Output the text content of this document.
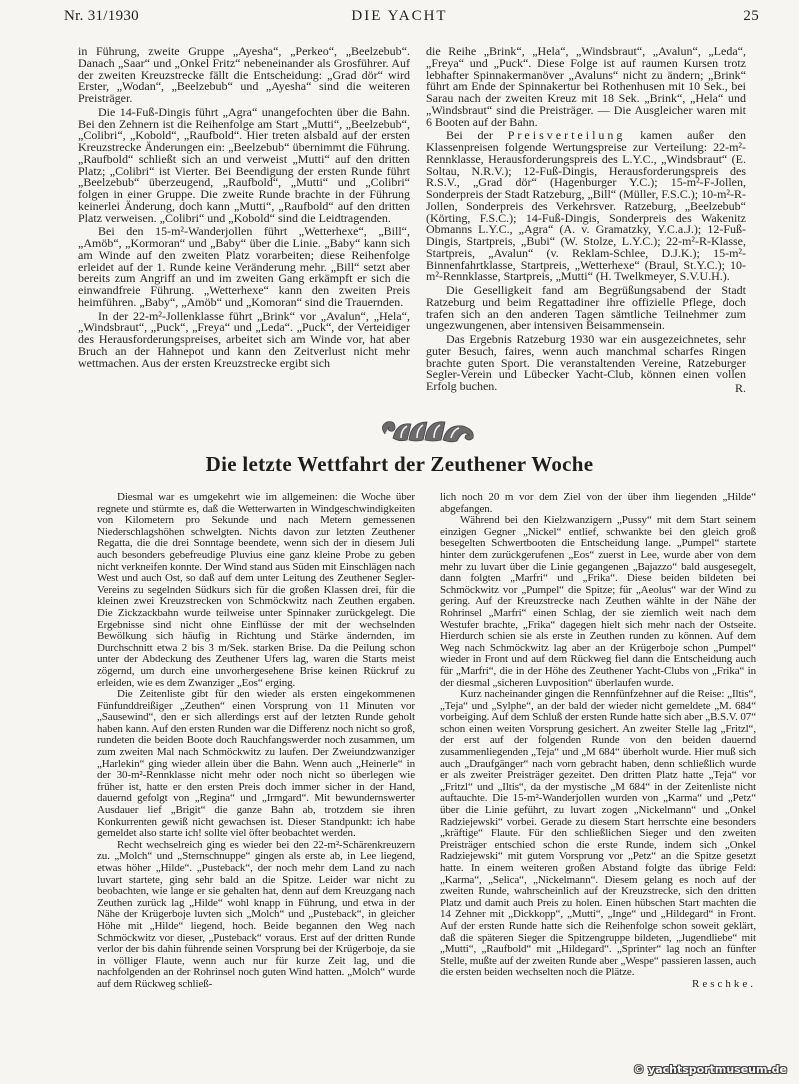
Nr. 31/1930	DIE YACHT	25

in Führung, zweite Gruppe „Ayesha“, „Perkeo“, „Beelzebub“. Danach „Saar“ und „Onkel Fritz“ nebeneinander als Grosführer. Auf der zweiten Kreuzstrecke fällt die Entscheidung: „Grad dör“ wird Erster, „Wodan“, „Beelzebub“ und „Ayesha“ sind die weiteren Preisträger.

Die 14-Fuß-Dingis führt „Agra“ unangefochten über die Bahn. Bei den Zehnern ist die Reihenfolge am Start „Mutti“, „Beelzebub“, „Colibri“, „Kobold“, „Raufbold“. Hier treten alsbald auf der ersten Kreuzstrecke Änderungen ein: „Beelzebub“ übernimmt die Führung. „Raufbold“ schließt sich an und verweist „Mutti“ auf den dritten Platz; „Colibri“ ist Vierter. Bei Beendigung der ersten Runde führt „Beelzebub“ überzeugend, „Raufbold“, „Mutti“ und „Colibri“ folgen in einer Gruppe. Die zweite Runde brachte in der Führung keinerlei Änderung, doch kann „Mutti“, „Raufbold“ auf den dritten Platz verweisen. „Colibri“ und „Kobold“ sind die Leidtragenden.

Bei den 15-m²-Wanderjollen führt „Wetterhexe“, „Bill“, „Amöb“, „Kormoran“ und „Baby“ über die Linie. „Baby“ kann sich am Winde auf den zweiten Platz vorarbeiten; diese Reihenfolge erleidet auf der 1. Runde keine Veränderung mehr. „Bill“ setzt aber bereits zum Angriff an und im zweiten Gang erkämpft er sich die einwandfreie Führung. „Wetterhexe“ kann den zweiten Preis heimführen. „Baby“, „Amöb“ und „Komoran“ sind die Trauernden.

In der 22-m²-Jollenklasse führt „Brink“ vor „Avalun“, „Hela“, „Windsbraut“, „Puck“, „Freya“ und „Leda“. „Puck“, der Verteidiger des Herausforderungspreises, arbeitet sich am Winde vor, hat aber Bruch an der Hahnepot und kann den Zeitverlust nicht mehr wettmachen. Aus der ersten Kreuzstrecke ergibt sich

die Reihe „Brink“, „Hela“, „Windsbraut“, „Avalun“, „Leda“, „Freya“ und „Puck“. Diese Folge ist auf raumen Kursen trotz lebhafter Spinnakermanöver „Avaluns“ nicht zu ändern; „Brink“ führt am Ende der Spinnakertur bei Rothenhusen mit 10 Sek., bei Sarau nach der zweiten Kreuz mit 18 Sek. „Brink“, „Hela“ und „Windsbraut“ sind die Preisträger. — Die Ausgleicher waren mit 6 Booten auf der Bahn.

Bei der Preisverteilung kamen außer den Klassenpreisen folgende Wertungspreise zur Verteilung: 22-m²-Rennklasse, Herausforderungspreis des L.Y.C., „Windsbraut“ (E. Soltau, N.R.V.); 12-Fuß-Dingis, Herausforderungspreis des R.S.V., „Grad dör“ (Hagenburger Y.C.); 15-m²-F-Jollen, Sonderpreis der Stadt Ratzeburg, „Bill“ (Müller, F.S.C.); 10-m²-R-Jollen, Sonderpreis des Verkehrsver. Ratzeburg, „Beelzebub“ (Körting, F.S.C.); 14-Fuß-Dingis, Sonderpreis des Wakenitz Obmanns L.Y.C., „Agra“ (A. v. Gramatzky, Y.C.a.J.); 12-Fuß-Dingis, Startpreis, „Bubi“ (W. Stolze, L.Y.C.); 22-m²-R-Klasse, Startpreis, „Avalun“ (v. Reklam-Schlee, D.J.K.); 15-m²-Binnenfahrtklasse, Startpreis, „Wetterhexe“ (Braul, St.Y.C.); 10-m²-Rennklasse, Startpreis, „Mutti“ (H. Twelkmeyer, S.V.U.H.).

Die Geselligkeit fand am Begrüßungsabend der Stadt Ratzeburg und beim Regattadiner ihre offizielle Pflege, doch trafen sich an den anderen Tagen sämtliche Teilnehmer zum ungezwungenen, aber intensiven Beisammensein.

Das Ergebnis Ratzeburg 1930 war ein ausgezeichnetes, sehr guter Besuch, faires, wenn auch manchmal scharfes Ringen brachte guten Sport. Die veranstaltenden Vereine, Ratzeburger Segler-Verein und Lübecker Yacht-Club, können einen vollen Erfolg buchen.	R.
Die letzte Wettfahrt der Zeuthener Woche

Diesmal war es umgekehrt wie im allgemeinen: die Woche über regnete und stürmte es, daß die Wetterwarten in Windgeschwindigkeiten von Kilometern pro Sekunde und nach Metern gemessenen Niederschlagshöhen schwelgten. Nichts davon zur letzten Zeuthener Regatta, die die drei Sonntage beendete, wenn sich der in diesem Juli auch besonders gebefreudige Pluvius eine ganz kleine Probe zu geben nicht verkneifen konnte. Der Wind stand aus Süden mit Einschlägen nach West und auch Ost, so daß auf dem unter Leitung des Zeuthener Segler-Vereins zu segelnden Südkurs sich für die großen Klassen drei, für die kleinen zwei Kreuzstrecken von Schmöckwitz nach Zeuthen ergaben. Die Zickzackbahn wurde teilweise unter Spinnaker zurückgelegt. Die Ergebnisse sind nicht ohne Einflüsse der mit der wechselnden Bewölkung sich häufig in Richtung und Stärke ändernden, im Durchschnitt etwa 2 bis 3 m/Sek. starken Brise. Da die Peilung schon unter der Abdeckung des Zeuthener Ufers lag, waren die Starts meist zögernd, um durch eine unvorhergesehene Brise keinen Rückruf zu erleiden, wie es dem Zwanziger „Eos“ erging.

Die Zeitenliste gibt für den wieder als ersten eingekommenen Fünfunddreißiger „Zeuthen“ einen Vorsprung von 11 Minuten vor „Sausewind“, den er sich allerdings erst auf der letzten Runde geholt haben kann. Auf den ersten Runden war die Differenz noch nicht so groß, rundeten die beiden Boote doch Rauchfangswerder noch zusammen, um zum zweiten Mal nach Schmöckwitz zu laufen. Der Zweiundzwanziger „Harlekin“ ging wieder allein über die Bahn. Wenn auch „Heinerle“ in der 30-m²-Rennklasse nicht mehr oder noch nicht so überlegen wie früher ist, hatte er den ersten Preis doch immer sicher in der Hand, dauernd gefolgt von „Regina“ und „Irmgard“. Mit bewundernswerter Ausdauer lief „Brigit“ die ganze Bahn ab, trotzdem sie ihren Konkurrenten gewiß nicht gewachsen ist. Dieser Standpunkt: ich habe gemeldet also starte ich! sollte viel öfter beobachtet werden.

Recht wechselreich ging es wieder bei den 22-m²-Schärenkreuzern zu. „Molch“ und „Sternschnuppe“ gingen als erste ab, in Lee liegend, etwas höher „Hilde“. „Pusteback“, der noch mehr dem Land zu nach luvart startete, ging sehr bald an die Spitze. Leider war nicht zu beobachten, wie lange er sie gehalten hat, denn auf dem Kreuzgang nach Zeuthen zurück lag „Hilde“ wohl knapp in Führung, und etwa in der Nähe der Krügerboje luvten sich „Molch“ und „Pusteback“, in gleicher Höhe mit „Hilde“ liegend, hoch. Beide begannen den Weg nach Schmöckwitz vor dieser, „Pusteback“ voraus. Erst auf der dritten Runde verlor der bis dahin führende seinen Vorsprung bei der Krügerboje, da sie in völliger Flaute, wenn auch nur für kurze Zeit lag, und die nachfolgenden an der Rohrinsel noch guten Wind hatten. „Molch“ wurde auf dem Rückweg schließ-

lich noch 20 m vor dem Ziel von der über ihm liegenden „Hilde“ abgefangen.

Während bei den Kielzwanzigern „Pussy“ mit dem Start seinem einzigen Gegner „Nickel“ entlief, schwankte bei den gleich groß besegelten Schwertbooten die Entscheidung lange. „Pumpel“ startete hinter dem zurückgerufenen „Eos“ zuerst in Lee, wurde aber von dem mehr zu luvart über die Linie gegangenen „Bajazzo“ bald ausgesegelt, dann folgten „Marfri“ und „Frika“. Diese beiden bildeten bei Schmöckwitz vor „Pumpel“ die Spitze; für „Aeolus“ war der Wind zu gering. Auf der Kreuzstrecke nach Zeuthen wählte in der Nähe der Rohrinsel „Marfri“ einen Schlag, der sie ziemlich weit nach dem Westufer brachte, „Frika“ dagegen hielt sich mehr nach der Ostseite. Hierdurch schien sie als erste in Zeuthen runden zu können. Auf dem Weg nach Schmöckwitz lag aber an der Krügerboje schon „Pumpel“ wieder in Front und auf dem Rückweg fiel dann die Entscheidung auch für „Marfri“, die in der Höhe des Zeuthener Yacht-Clubs von „Frika“ in der diesmal „sicheren Luvposition“ überlaufen wurde.

Kurz nacheinander gingen die Rennfünfzehner auf die Reise: „Iltis“, „Teja“ und „Sylphe“, an der bald der wieder nicht gemeldete „M. 684“ vorbeiging. Auf dem Schluß der ersten Runde hatte sich aber „B.S.V. 07“ schon einen weiten Vorsprung gesichert. An zweiter Stelle lag „Fritzl“, der erst auf der folgenden Runde von den beiden dauernd zusammenliegenden „Teja“ und „M 684“ überholt wurde. Hier muß sich auch „Draufgänger“ nach vorn gebracht haben, denn schließlich wurde er als zweiter Preisträger gezeitet. Den dritten Platz hatte „Teja“ vor „Fritzl“ und „Iltis“, da der mystische „M 684“ in der Zeitenliste nicht auftauchte. Die 15-m²-Wanderjollen wurden von „Karma“ und „Petz“ über die Linie geführt, zu luvart zogen „Nickelmann“ und „Onkel Radziejewski“ vorbei. Gerade zu diesem Start herrschte eine besonders „kräftige“ Flaute. Für den schließlichen Sieger und den zweiten Preisträger entschied schon die erste Runde, indem sich „Onkel Radziejewski“ mit gutem Vorsprung vor „Petz“ an die Spitze gesetzt hatte. In einem weiteren großen Abstand folgte das übrige Feld: „Karma“, „Selica“, „Nickelmann“. Diesem gelang es noch auf der zweiten Runde, wahrscheinlich auf der Kreuzstrecke, sich den dritten Platz und damit auch Preis zu holen. Einen hübschen Start machten die 14 Zehner mit „Dickkopp“, „Mutti“, „Inge“ und „Hildegard“ in Front. Auf der ersten Runde hatte sich die Reihenfolge schon soweit geklärt, daß die späteren Sieger die Spitzengruppe bildeten, „Jugendliebe“ mit „Mutti“, „Raufbold“ mit „Hildegard“. „Sprinter“ lag noch an fünfter Stelle, mußte auf der zweiten Runde aber „Wespe“ passieren lassen, auch die ersten beiden wechselten noch die Plätze.

Reschke.
© yachtsportmuseum.de
